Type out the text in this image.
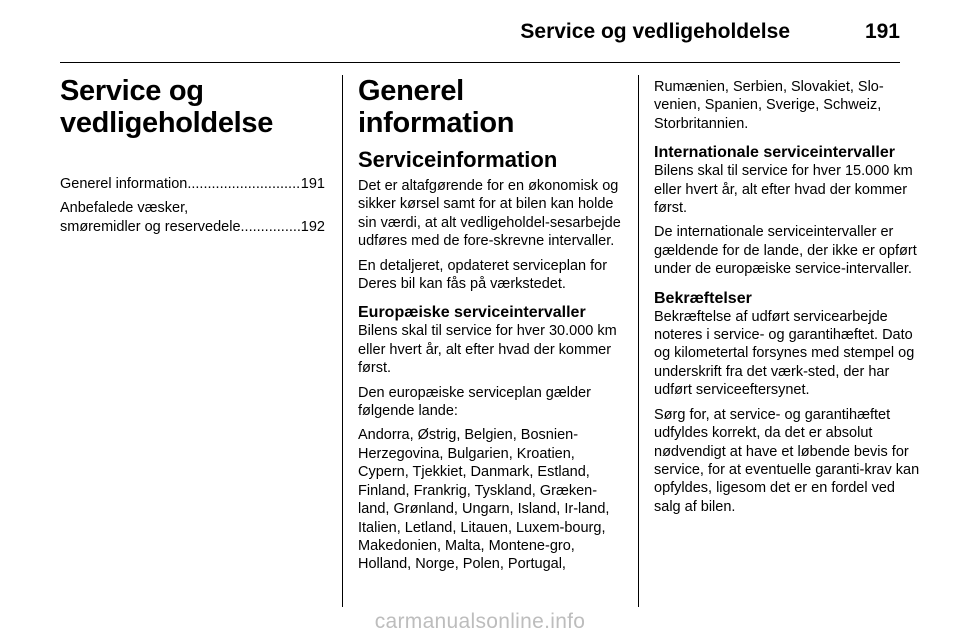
Service og vedligeholdelse	191
Service og
vedligeholdelse
Generel information .....	191
Anbefalede væsker,
smøremidler og reservedele .....	192
Generel information
Serviceinformation

Det er altafgørende for en økonomisk og sikker kørsel samt for at bilen kan holde sin værdi, at alt vedligeholdel-sesarbejde udføres med de fore-skrevne intervaller.

En detaljeret, opdateret serviceplan for Deres bil kan fås på værkstedet.

Europæiske serviceintervaller

Bilens skal til service for hver 30.000 km eller hvert år, alt efter hvad der kommer først.

Den europæiske serviceplan gælder følgende lande:

Andorra, Østrig, Belgien, Bosnien-Herzegovina, Bulgarien, Kroatien, Cypern, Tjekkiet, Danmark, Estland, Finland, Frankrig, Tyskland, Græken-land, Grønland, Ungarn, Island, Ir-land, Italien, Letland, Litauen, Luxem-bourg, Makedonien, Malta, Montene-gro, Holland, Norge, Polen, Portugal,

Rumænien, Serbien, Slovakiet, Slo-venien, Spanien, Sverige, Schweiz, Storbritannien.

Internationale serviceintervaller

Bilens skal til service for hver 15.000 km eller hvert år, alt efter hvad der kommer først.

De internationale serviceintervaller er gældende for de lande, der ikke er opført under de europæiske service-intervaller.

Bekræftelser

Bekræftelse af udført servicearbejde noteres i service- og garantihæftet. Dato og kilometertal forsynes med stempel og underskrift fra det værk-sted, der har udført serviceeftersynet.

Sørg for, at service- og garantihæftet udfyldes korrekt, da det er absolut nødvendigt at have et løbende bevis for service, for at eventuelle garanti-krav kan opfyldes, ligesom det er en fordel ved salg af bilen.

carmanualsonline.info
